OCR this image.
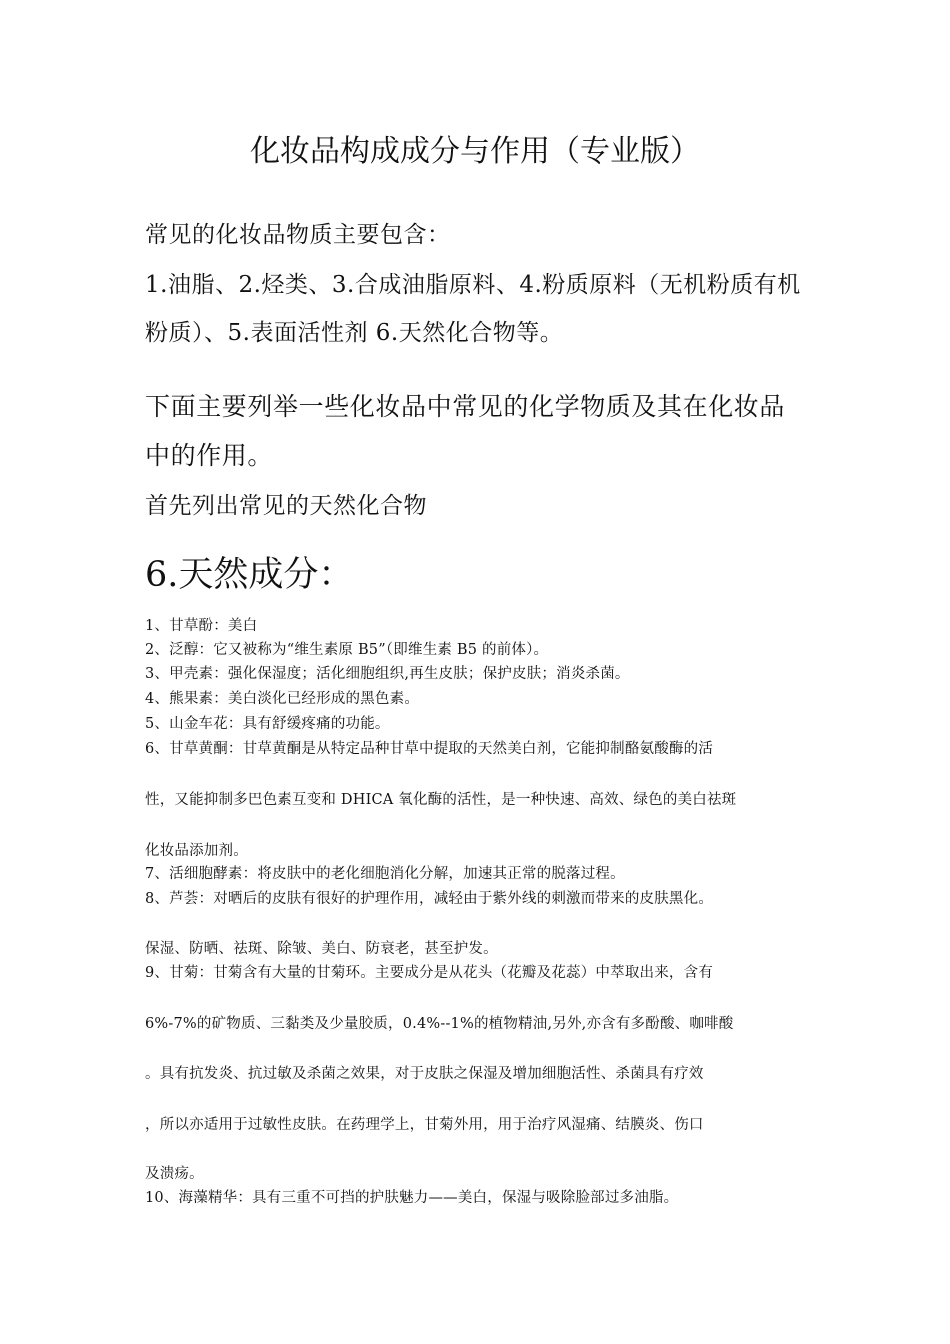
化妆品构成成分与作用（专业版）
常见的化妆品物质主要包含：
1.油脂、2.烃类、3.合成油脂原料、4.粉质原料（无机粉质有机
粉质）、5.表面活性剂 6.天然化合物等。
下面主要列举一些化妆品中常见的化学物质及其在化妆品
中的作用。
首先列出常见的天然化合物
6.天然成分：
1、甘草酚：美白
2、泛醇：它又被称为“维生素原 B5”（即维生素 B5 的前体）。
3、甲壳素：强化保湿度；活化细胞组织,再生皮肤；保护皮肤；消炎杀菌。
4、熊果素：美白淡化已经形成的黑色素。
5、山金车花：具有舒缓疼痛的功能。
6、甘草黄酮：甘草黄酮是从特定品种甘草中提取的天然美白剂，它能抑制酪氨酸酶的活
性，又能抑制多巴色素互变和 DHICA 氧化酶的活性，是一种快速、高效、绿色的美白祛斑
化妆品添加剂。
7、活细胞酵素：将皮肤中的老化细胞消化分解，加速其正常的脱落过程。
8、芦荟：对晒后的皮肤有很好的护理作用，减轻由于紫外线的刺激而带来的皮肤黑化。
保湿、防晒、祛斑、除皱、美白、防衰老，甚至护发。
9、甘菊：甘菊含有大量的甘菊环。主要成分是从花头（花瓣及花蕊）中萃取出来，含有
6%-7%的矿物质、三黏类及少量胶质，0.4%--1%的植物精油,另外,亦含有多酚酸、咖啡酸
。具有抗发炎、抗过敏及杀菌之效果，对于皮肤之保湿及增加细胞活性、杀菌具有疗效
，所以亦适用于过敏性皮肤。在药理学上，甘菊外用，用于治疗风湿痛、结膜炎、伤口
及溃疡。
10、海藻精华：具有三重不可挡的护肤魅力——美白，保湿与吸除脸部过多油脂。
